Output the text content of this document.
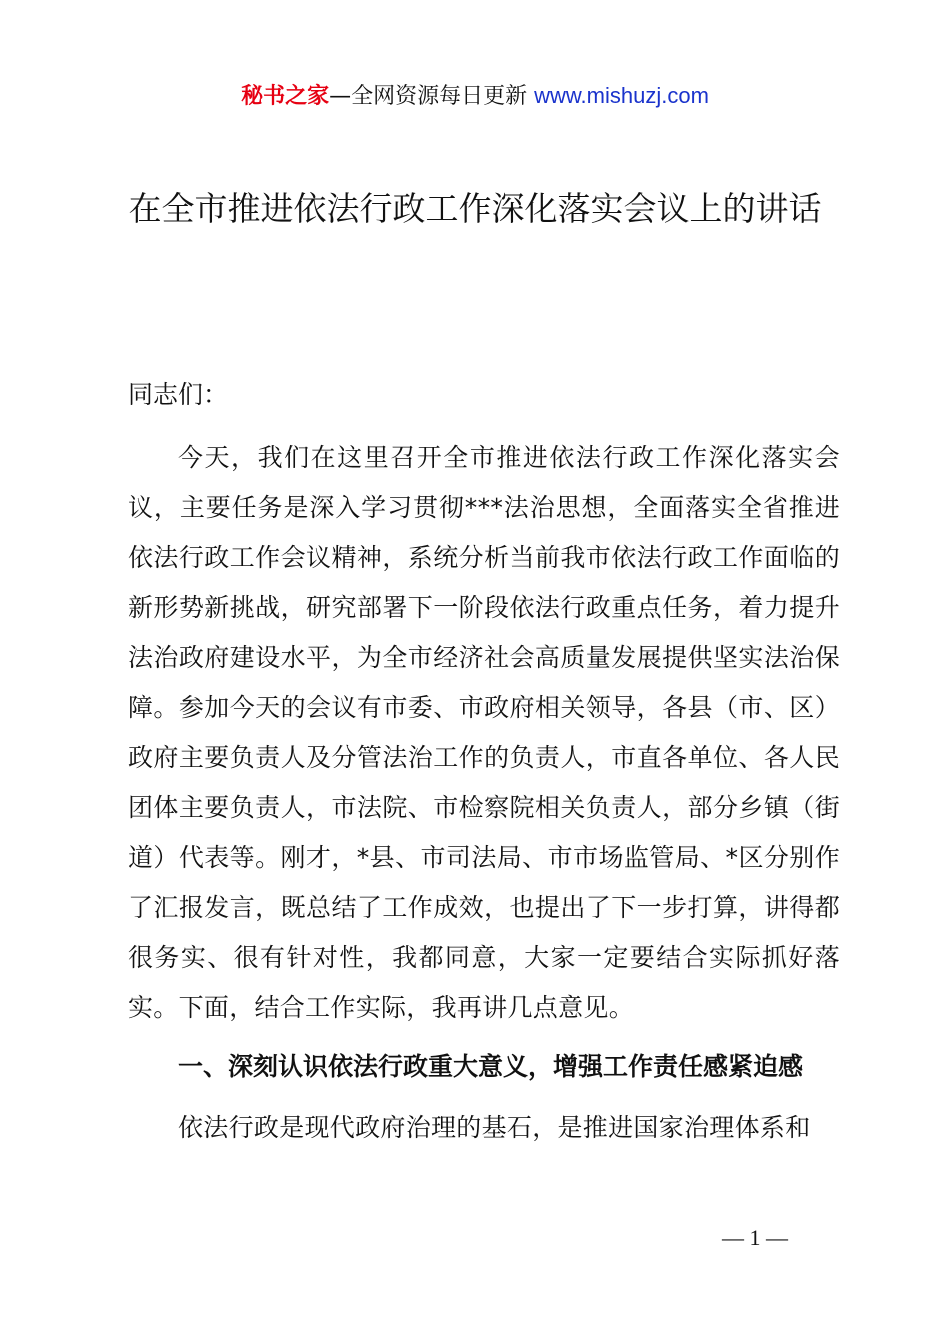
秘书之家—全网资源每日更新 www.mishuzj.com
在全市推进依法行政工作深化落实会议上的讲话
同志们：

今天，我们在这里召开全市推进依法行政工作深化落实会议，主要任务是深入学习贯彻***法治思想，全面落实全省推进依法行政工作会议精神，系统分析当前我市依法行政工作面临的新形势新挑战，研究部署下一阶段依法行政重点任务，着力提升法治政府建设水平，为全市经济社会高质量发展提供坚实法治保障。参加今天的会议有市委、市政府相关领导，各县（市、区）政府主要负责人及分管法治工作的负责人，市直各单位、各人民团体主要负责人，市法院、市检察院相关负责人，部分乡镇（街道）代表等。刚才，*县、市司法局、市市场监管局、*区分别作了汇报发言，既总结了工作成效，也提出了下一步打算，讲得都很务实、很有针对性，我都同意，大家一定要结合实际抓好落实。下面，结合工作实际，我再讲几点意见。

一、深刻认识依法行政重大意义，增强工作责任感紧迫感

依法行政是现代政府治理的基石，是推进国家治理体系和

— 1 —
